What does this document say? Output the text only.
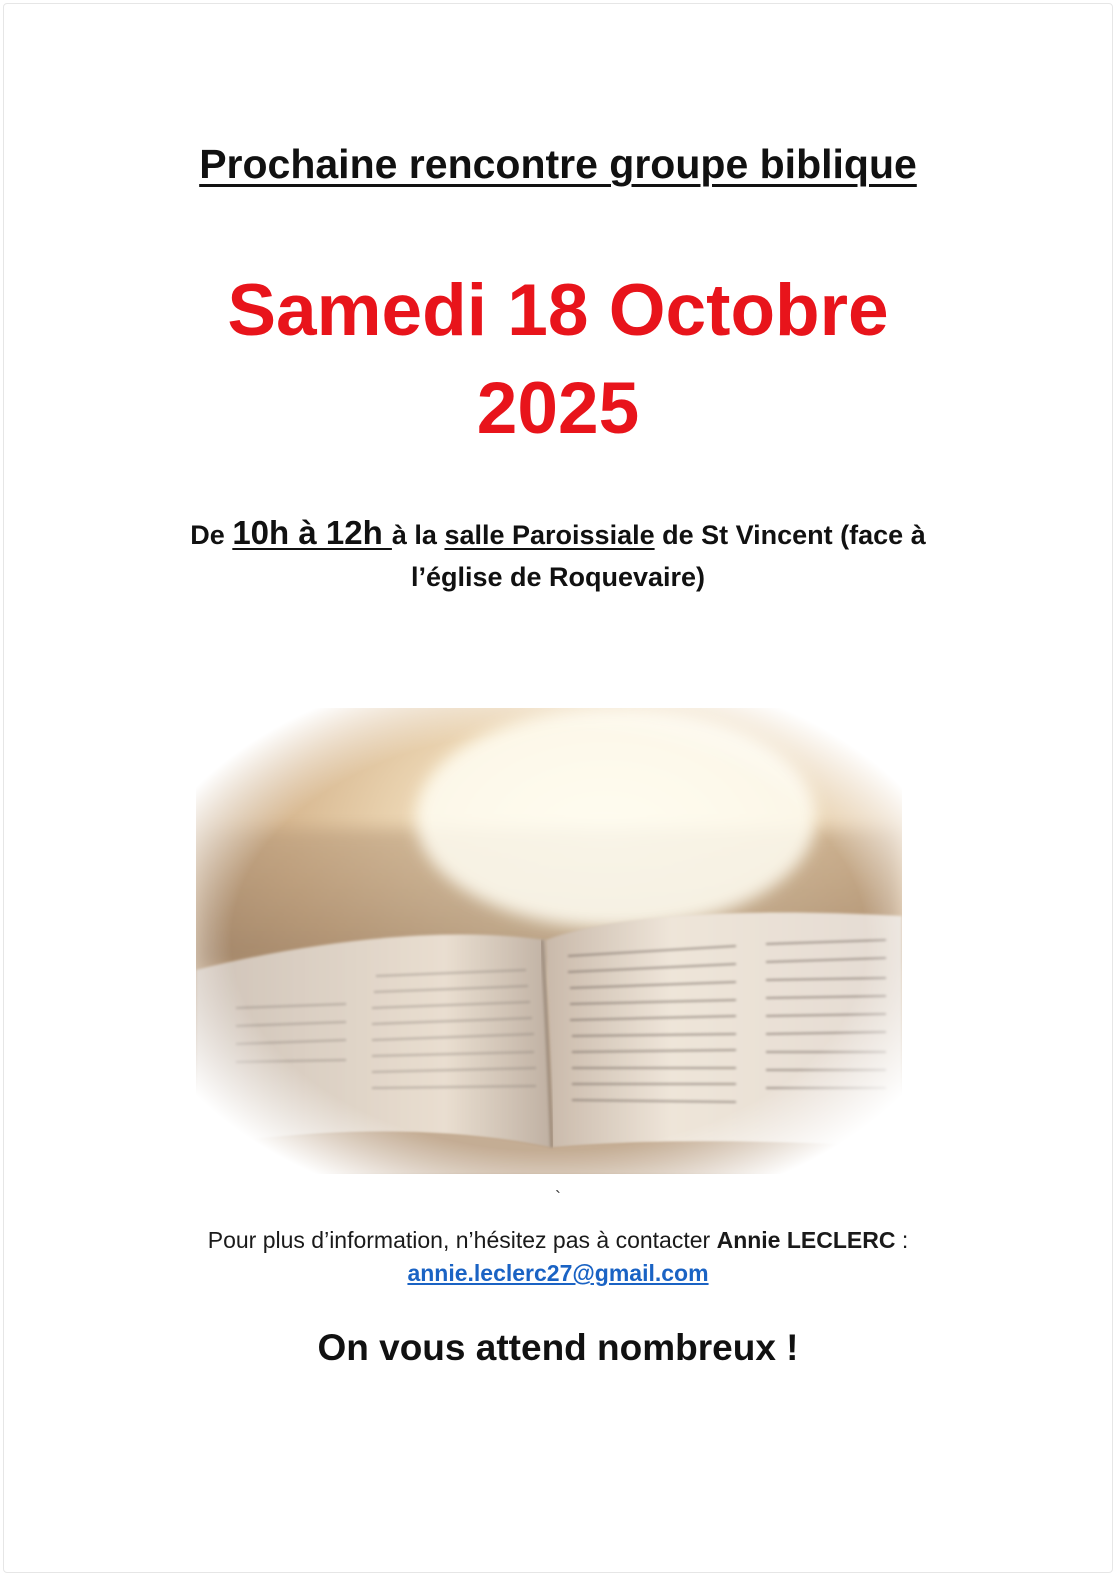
Prochaine rencontre groupe biblique
Samedi 18 Octobre
2025
De 10h à 12h à la salle Paroissiale de St Vincent (face à l’église de Roquevaire)
`
Pour plus d’information, n’hésitez pas à contacter Annie LECLERC :
annie.leclerc27@gmail.com
On vous attend nombreux !
